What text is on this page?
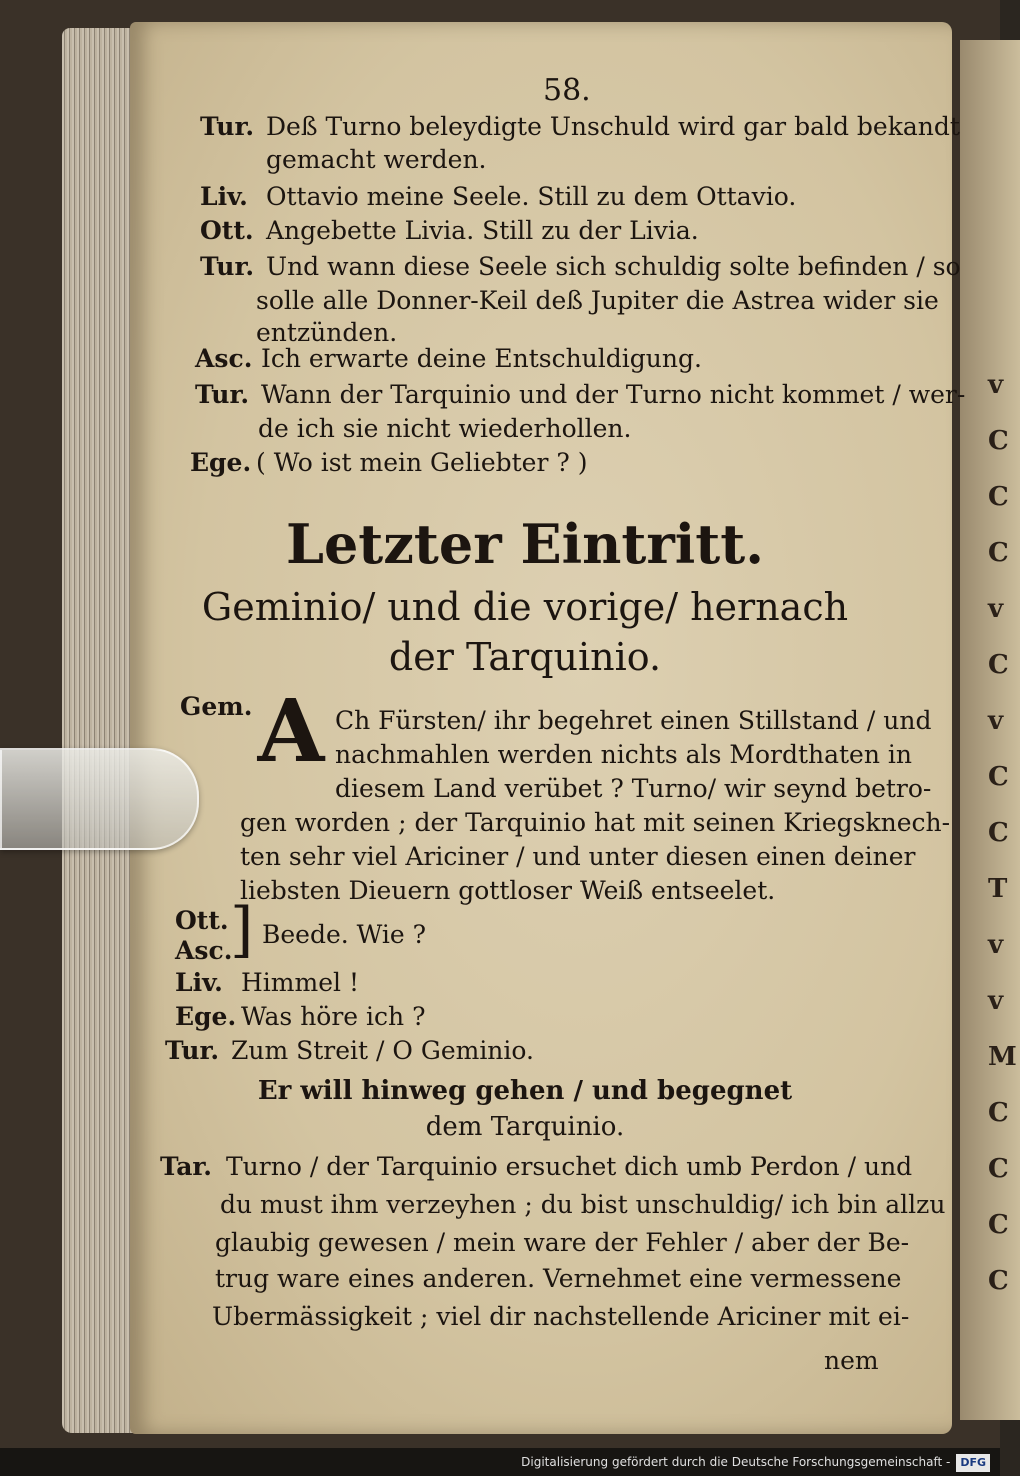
v
C
C
C
v
C
v
C
C
T
v
v
M
C
C
C
C
58.
Tur. Deß Turno beleydigte Unschuld wird gar bald bekandt
gemacht werden.
Liv. Ottavio meine Seele. Still zu dem Ottavio.
Ott. Angebette Livia. Still zu der Livia.
Tur. Und wann diese Seele sich schuldig solte befinden / so
solle alle Donner-Keil deß Jupiter die Astrea wider sie
entzünden.
Asc. Ich erwarte deine Entschuldigung.
Tur. Wann der Tarquinio und der Turno nicht kommet / wer-
de ich sie nicht wiederhollen.
Ege. ( Wo ist mein Geliebter ? )
Letzter Eintritt.
Geminio/ und die vorige/ hernach
der Tarquinio.
Gem. A Ch Fürsten/ ihr begehret einen Stillstand / und
nachmahlen werden nichts als Mordthaten in
diesem Land verübet ? Turno/ wir seynd betro-
gen worden ; der Tarquinio hat mit seinen Kriegsknech-
ten sehr viel Ariciner / und unter diesen einen deiner
liebsten Dieuern gottloser Weiß entseelet.
Ott.
Asc.
] Beede. Wie ?
Liv. Himmel !
Ege. Was höre ich ?
Tur. Zum Streit / O Geminio.
Er will hinweg gehen / und begegnet
dem Tarquinio.
Tar. Turno / der Tarquinio ersuchet dich umb Perdon / und
du must ihm verzeyhen ; du bist unschuldig/ ich bin allzu
glaubig gewesen / mein ware der Fehler / aber der Be-
trug ware eines anderen. Vernehmet eine vermessene
Ubermässigkeit ; viel dir nachstellende Ariciner mit ei-
nem
Digitalisierung gefördert durch die Deutsche Forschungsgemeinschaft - DFG
